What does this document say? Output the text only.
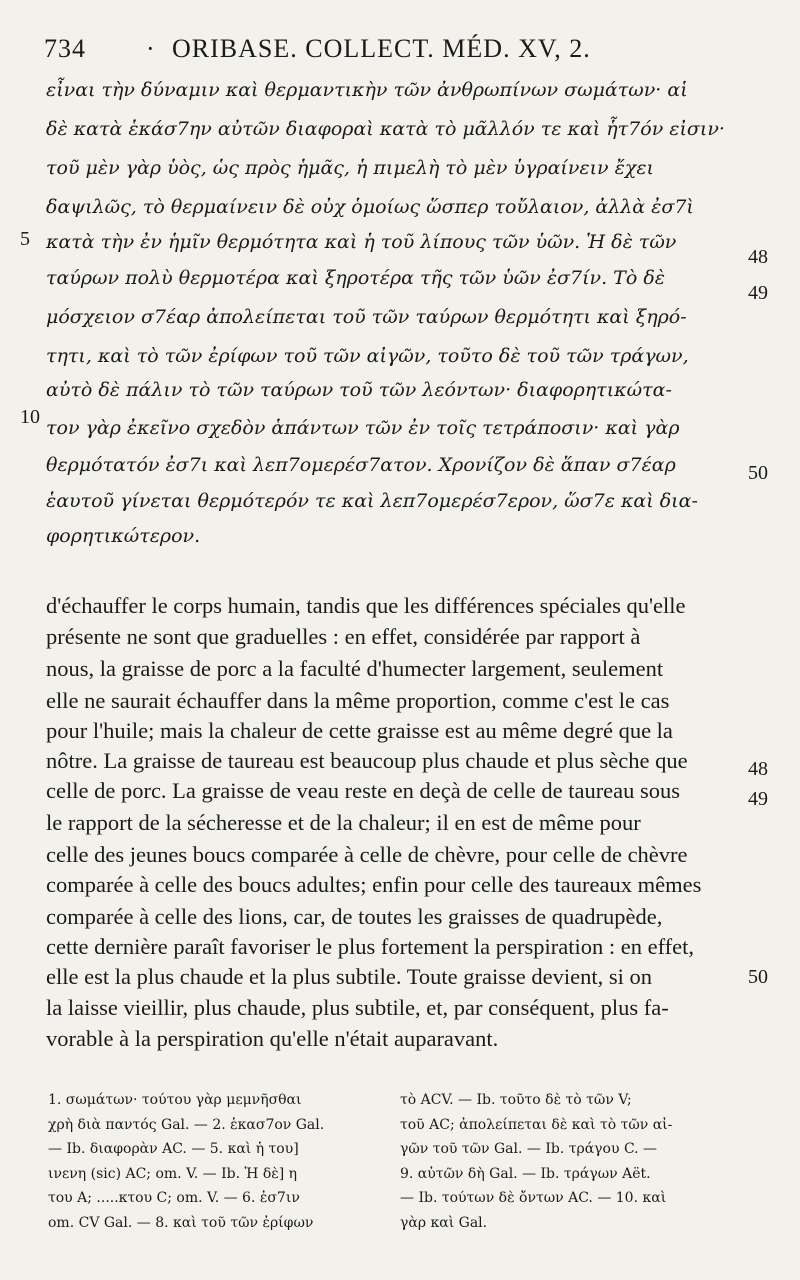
734 · ORIBASE. COLLECT. MÉD. XV, 2.
εἶναι τὴν δύναμιν καὶ θερμαντικὴν τῶν ἀνθρωπίνων σωμάτων· αἱ
δὲ κατὰ ἑκάσ7ην αὐτῶν διαφοραὶ κατὰ τὸ μᾶλλόν τε καὶ ἧτ7όν εἰσιν·
τοῦ μὲν γὰρ ὑὸς, ὡς πρὸς ἡμᾶς, ἡ πιμελὴ τὸ μὲν ὑγραίνειν ἔχει
δαψιλῶς, τὸ θερμαίνειν δὲ οὐχ ὁμοίως ὥσπερ τοὔλαιον, ἀλλὰ ἐσ7ὶ
κατὰ τὴν ἐν ἡμῖν θερμότητα καὶ ἡ τοῦ λίπους τῶν ὑῶν. Ἡ δὲ τῶν
ταύρων πολὺ θερμοτέρα καὶ ξηροτέρα τῆς τῶν ὑῶν ἐσ7ίν. Τὸ δὲ
μόσχειον σ7έαρ ἀπολείπεται τοῦ τῶν ταύρων θερμότητι καὶ ξηρό-
τητι, καὶ τὸ τῶν ἐρίφων τοῦ τῶν αἰγῶν, τοῦτο δὲ τοῦ τῶν τράγων,
αὐτὸ δὲ πάλιν τὸ τῶν ταύρων τοῦ τῶν λεόντων· διαφορητικώτα-
τον γὰρ ἐκεῖνο σχεδὸν ἁπάντων τῶν ἐν τοῖς τετράποσιν· καὶ γὰρ
θερμότατόν ἐσ7ι καὶ λεπ7ομερέσ7ατον. Χρονίζον δὲ ἅπαν σ7έαρ
ἑαυτοῦ γίνεται θερμότερόν τε καὶ λεπ7ομερέσ7ερον, ὥσ7ε καὶ δια-
φορητικώτερον.
5
10
48
49
50
d'échauffer le corps humain, tandis que les différences spéciales qu'elle
présente ne sont que graduelles : en effet, considérée par rapport à
nous, la graisse de porc a la faculté d'humecter largement, seulement
elle ne saurait échauffer dans la même proportion, comme c'est le cas
pour l'huile; mais la chaleur de cette graisse est au même degré que la
nôtre. La graisse de taureau est beaucoup plus chaude et plus sèche que
celle de porc. La graisse de veau reste en deçà de celle de taureau sous
le rapport de la sécheresse et de la chaleur; il en est de même pour
celle des jeunes boucs comparée à celle de chèvre, pour celle de chèvre
comparée à celle des boucs adultes; enfin pour celle des taureaux mêmes
comparée à celle des lions, car, de toutes les graisses de quadrupède,
cette dernière paraît favoriser le plus fortement la perspiration : en effet,
elle est la plus chaude et la plus subtile. Toute graisse devient, si on
la laisse vieillir, plus chaude, plus subtile, et, par conséquent, plus fa-
vorable à la perspiration qu'elle n'était auparavant.
48
49
50
1. σωμάτων· τούτου γὰρ μεμνῆσθαι
χρὴ διὰ παντός Gal. — 2. ἑκασ7ον Gal.
— Ib. διαφορὰν AC. — 5. καὶ ἡ του]
ινενη (sic) AC; om. V. — Ib. Ἡ δὲ] η
του A; .....κτου C; om. V. — 6. ἐσ7ιν
om. CV Gal. — 8. καὶ τοῦ τῶν ἐρίφων
τὸ ACV. — Ib. τοῦτο δὲ τὸ τῶν V;
τοῦ AC; ἀπολείπεται δὲ καὶ τὸ τῶν αἰ-
γῶν τοῦ τῶν Gal. — Ib. τράγου C. —
9. αὐτῶν δὴ Gal. — Ib. τράγων Aët.
— Ib. τούτων δὲ ὄντων AC. — 10. καὶ
γὰρ καὶ Gal.
